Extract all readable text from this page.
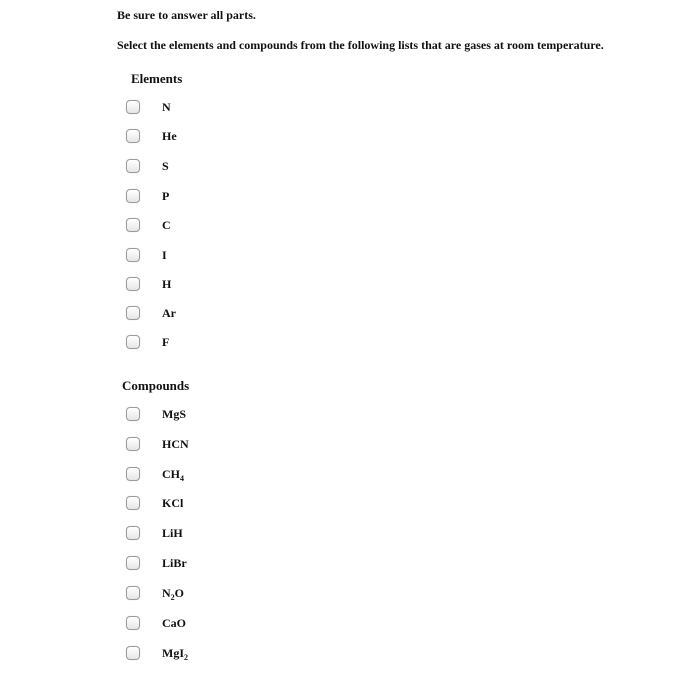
Be sure to answer all parts.
Select the elements and compounds from the following lists that are gases at room temperature.
Elements
N
He
S
P
C
I
H
Ar
F
Compounds
MgS
HCN
$CH_4$
KCl
LiH
LiBr
$N_2O$
CaO
MgI$_2$
